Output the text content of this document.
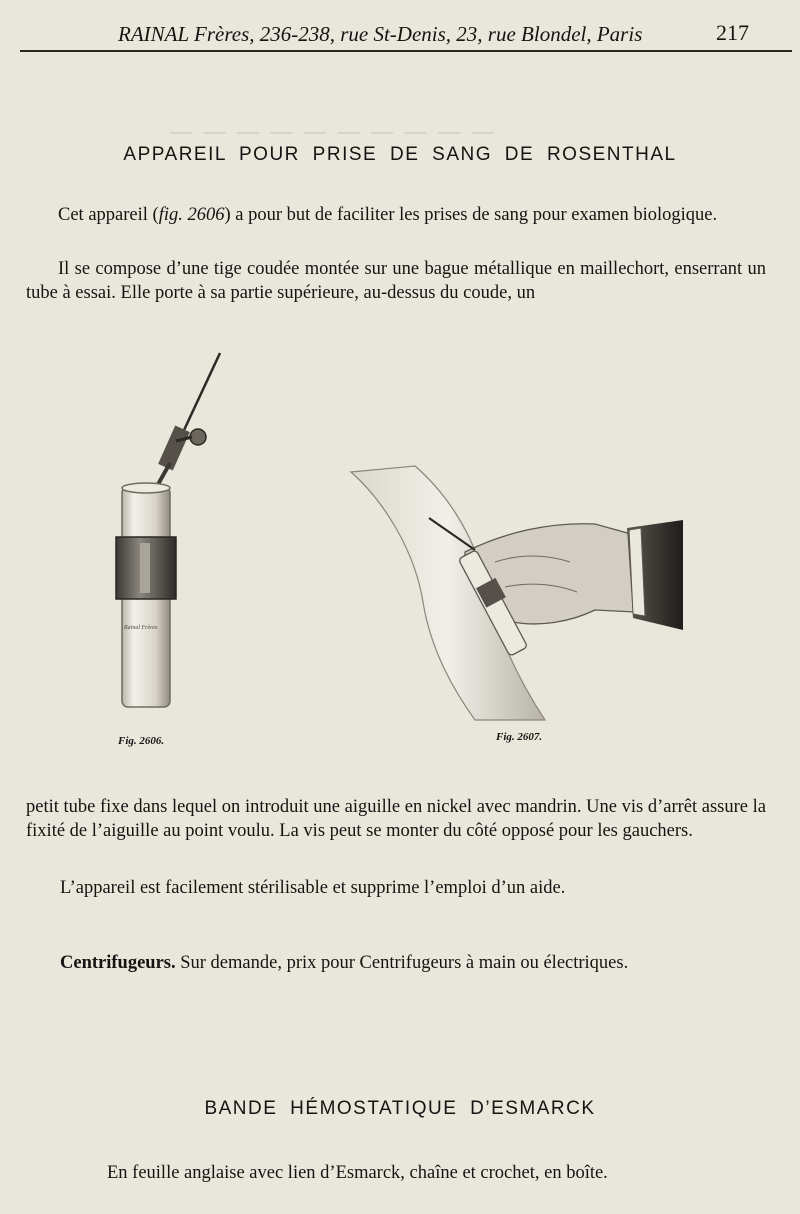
— — — — — — — — — —
RAINAL Frères, 236-238, rue St-Denis, 23, rue Blondel, Paris	217
APPAREIL POUR PRISE DE SANG DE ROSENTHAL
Cet appareil (fig. 2606) a pour but de faciliter les prises de sang pour examen biologique.
Il se compose d’une tige coudée montée sur une bague métallique en maillechort, enserrant un tube à essai. Elle porte à sa partie supérieure, au-dessus du coude, un
Rainal Frères
Fig. 2606.	Fig. 2607.
petit tube fixe dans lequel on introduit une aiguille en nickel avec mandrin. Une vis d’arrêt assure la fixité de l’aiguille au point voulu. La vis peut se monter du côté opposé pour les gauchers.
L’appareil est facilement stérilisable et supprime l’emploi d’un aide.
Centrifugeurs. Sur demande, prix pour Centrifugeurs à main ou électriques.
BANDE HÉMOSTATIQUE D’ESMARCK
En feuille anglaise avec lien d’Esmarck, chaîne et crochet, en boîte.
